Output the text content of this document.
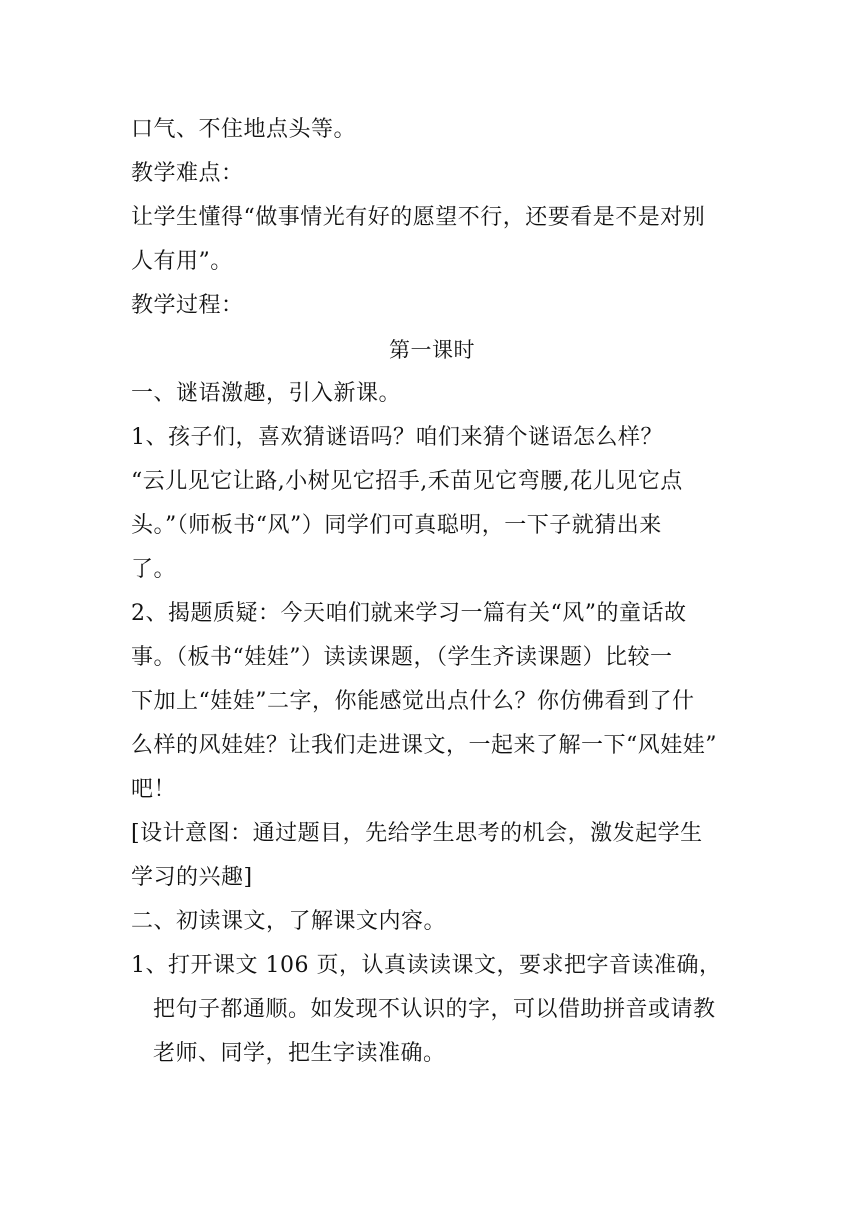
口气、不住地点头等。
教学难点：
让学生懂得“做事情光有好的愿望不行，还要看是不是对别
人有用”。
教学过程：
第一课时
一、谜语激趣，引入新课。
1、孩子们，喜欢猜谜语吗？咱们来猜个谜语怎么样？
“云儿见它让路,小树见它招手,禾苗见它弯腰,花儿见它点
头。”（师板书“风”）同学们可真聪明，一下子就猜出来
了。
2、揭题质疑：今天咱们就来学习一篇有关“风”的童话故
事。（板书“娃娃”）读读课题，（学生齐读课题）比较一
下加上“娃娃”二字，你能感觉出点什么？你仿佛看到了什
么样的风娃娃？让我们走进课文，一起来了解一下“风娃娃”
吧！
[设计意图：通过题目，先给学生思考的机会，激发起学生
学习的兴趣]
二、初读课文，了解课文内容。
1、打开课文 106 页，认真读读课文，要求把字音读准确，
把句子都通顺。如发现不认识的字，可以借助拼音或请教
老师、同学，把生字读准确。
